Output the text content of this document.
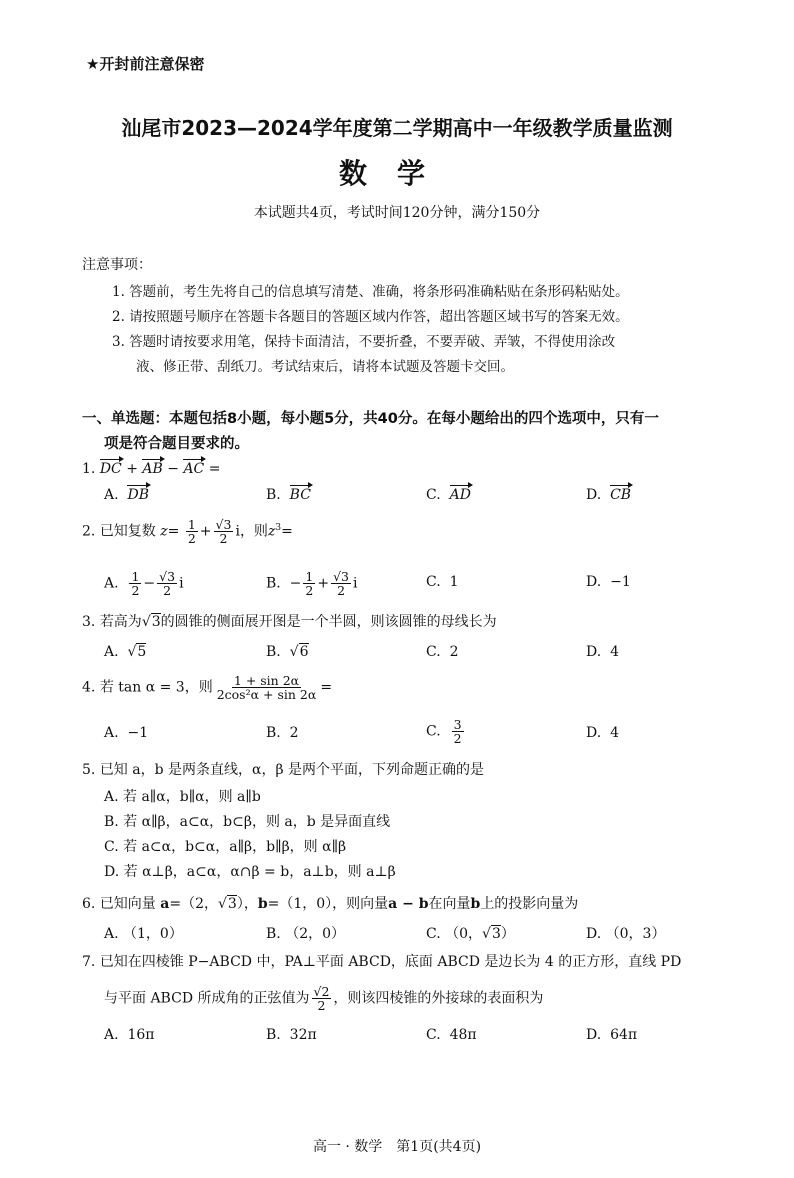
★开封前注意保密
汕尾市2023—2024学年度第二学期高中一年级教学质量监测
数学
本试题共4页，考试时间120分钟，满分150分
注意事项：
1. 答题前，考生先将自己的信息填写清楚、准确，将条形码准确粘贴在条形码粘贴处。
2. 请按照题号顺序在答题卡各题目的答题区域内作答，超出答题区域书写的答案无效。
3. 答题时请按要求用笔，保持卡面清洁，不要折叠，不要弄破、弄皱，不得使用涂改
液、修正带、刮纸刀。考试结束后，请将本试题及答题卡交回。
一、单选题：本题包括8小题，每小题5分，共40分。在每小题给出的四个选项中，只有一
项是符合题目要求的。
1. DC + AB − AC =
A. DB	B. BC	C. AD	D. CB
2. 已知复数 $z= \frac{1}{2} + \frac{√3}{2}$ i，则$z^3=$
A. $\frac{1}{2} - \frac{√3}{2}$ i	B. − $\frac{1}{2} + \frac{√3}{2}$ i	C. 1	D. −1
3. 若高为√3的圆锥的侧面展开图是一个半圆，则该圆锥的母线长为
A. √5	B. √6	C. 2	D. 4
4. 若 tan α = 3，则 $\frac{1 + \sin 2\alpha}{\text{2cos²α + sin 2α}}$ =
A. −1	B. 2	C. $\frac{3}{2}$	D. 4
5. 已知 a，b 是两条直线，α，β 是两个平面，下列命题正确的是
A. 若 a∥α，b∥α，则 a∥b
B. 若 α∥β，a⊂α，b⊂β，则 a，b 是异面直线
C. 若 a⊂α，b⊂α，a∥β，b∥β，则 α∥β
D. 若 α⊥β，a⊂α，α∩β = b，a⊥b，则 a⊥β
6. 已知向量 a=（2，√3），b=（1，0），则向量a − b在向量b上的投影向量为
A. （1，0）	B. （2，0）	C. （0，√3）	D. （0，3）
7. 已知在四棱锥 P−ABCD 中，PA⊥平面 ABCD，底面 ABCD 是边长为 4 的正方形，直线 PD
与平面 ABCD 所成角的正弦值为 $\frac{√2}{2}$ ，则该四棱锥的外接球的表面积为
A. 16π	B. 32π	C. 48π	D. 64π
高一 · 数学　第1页(共4页)
